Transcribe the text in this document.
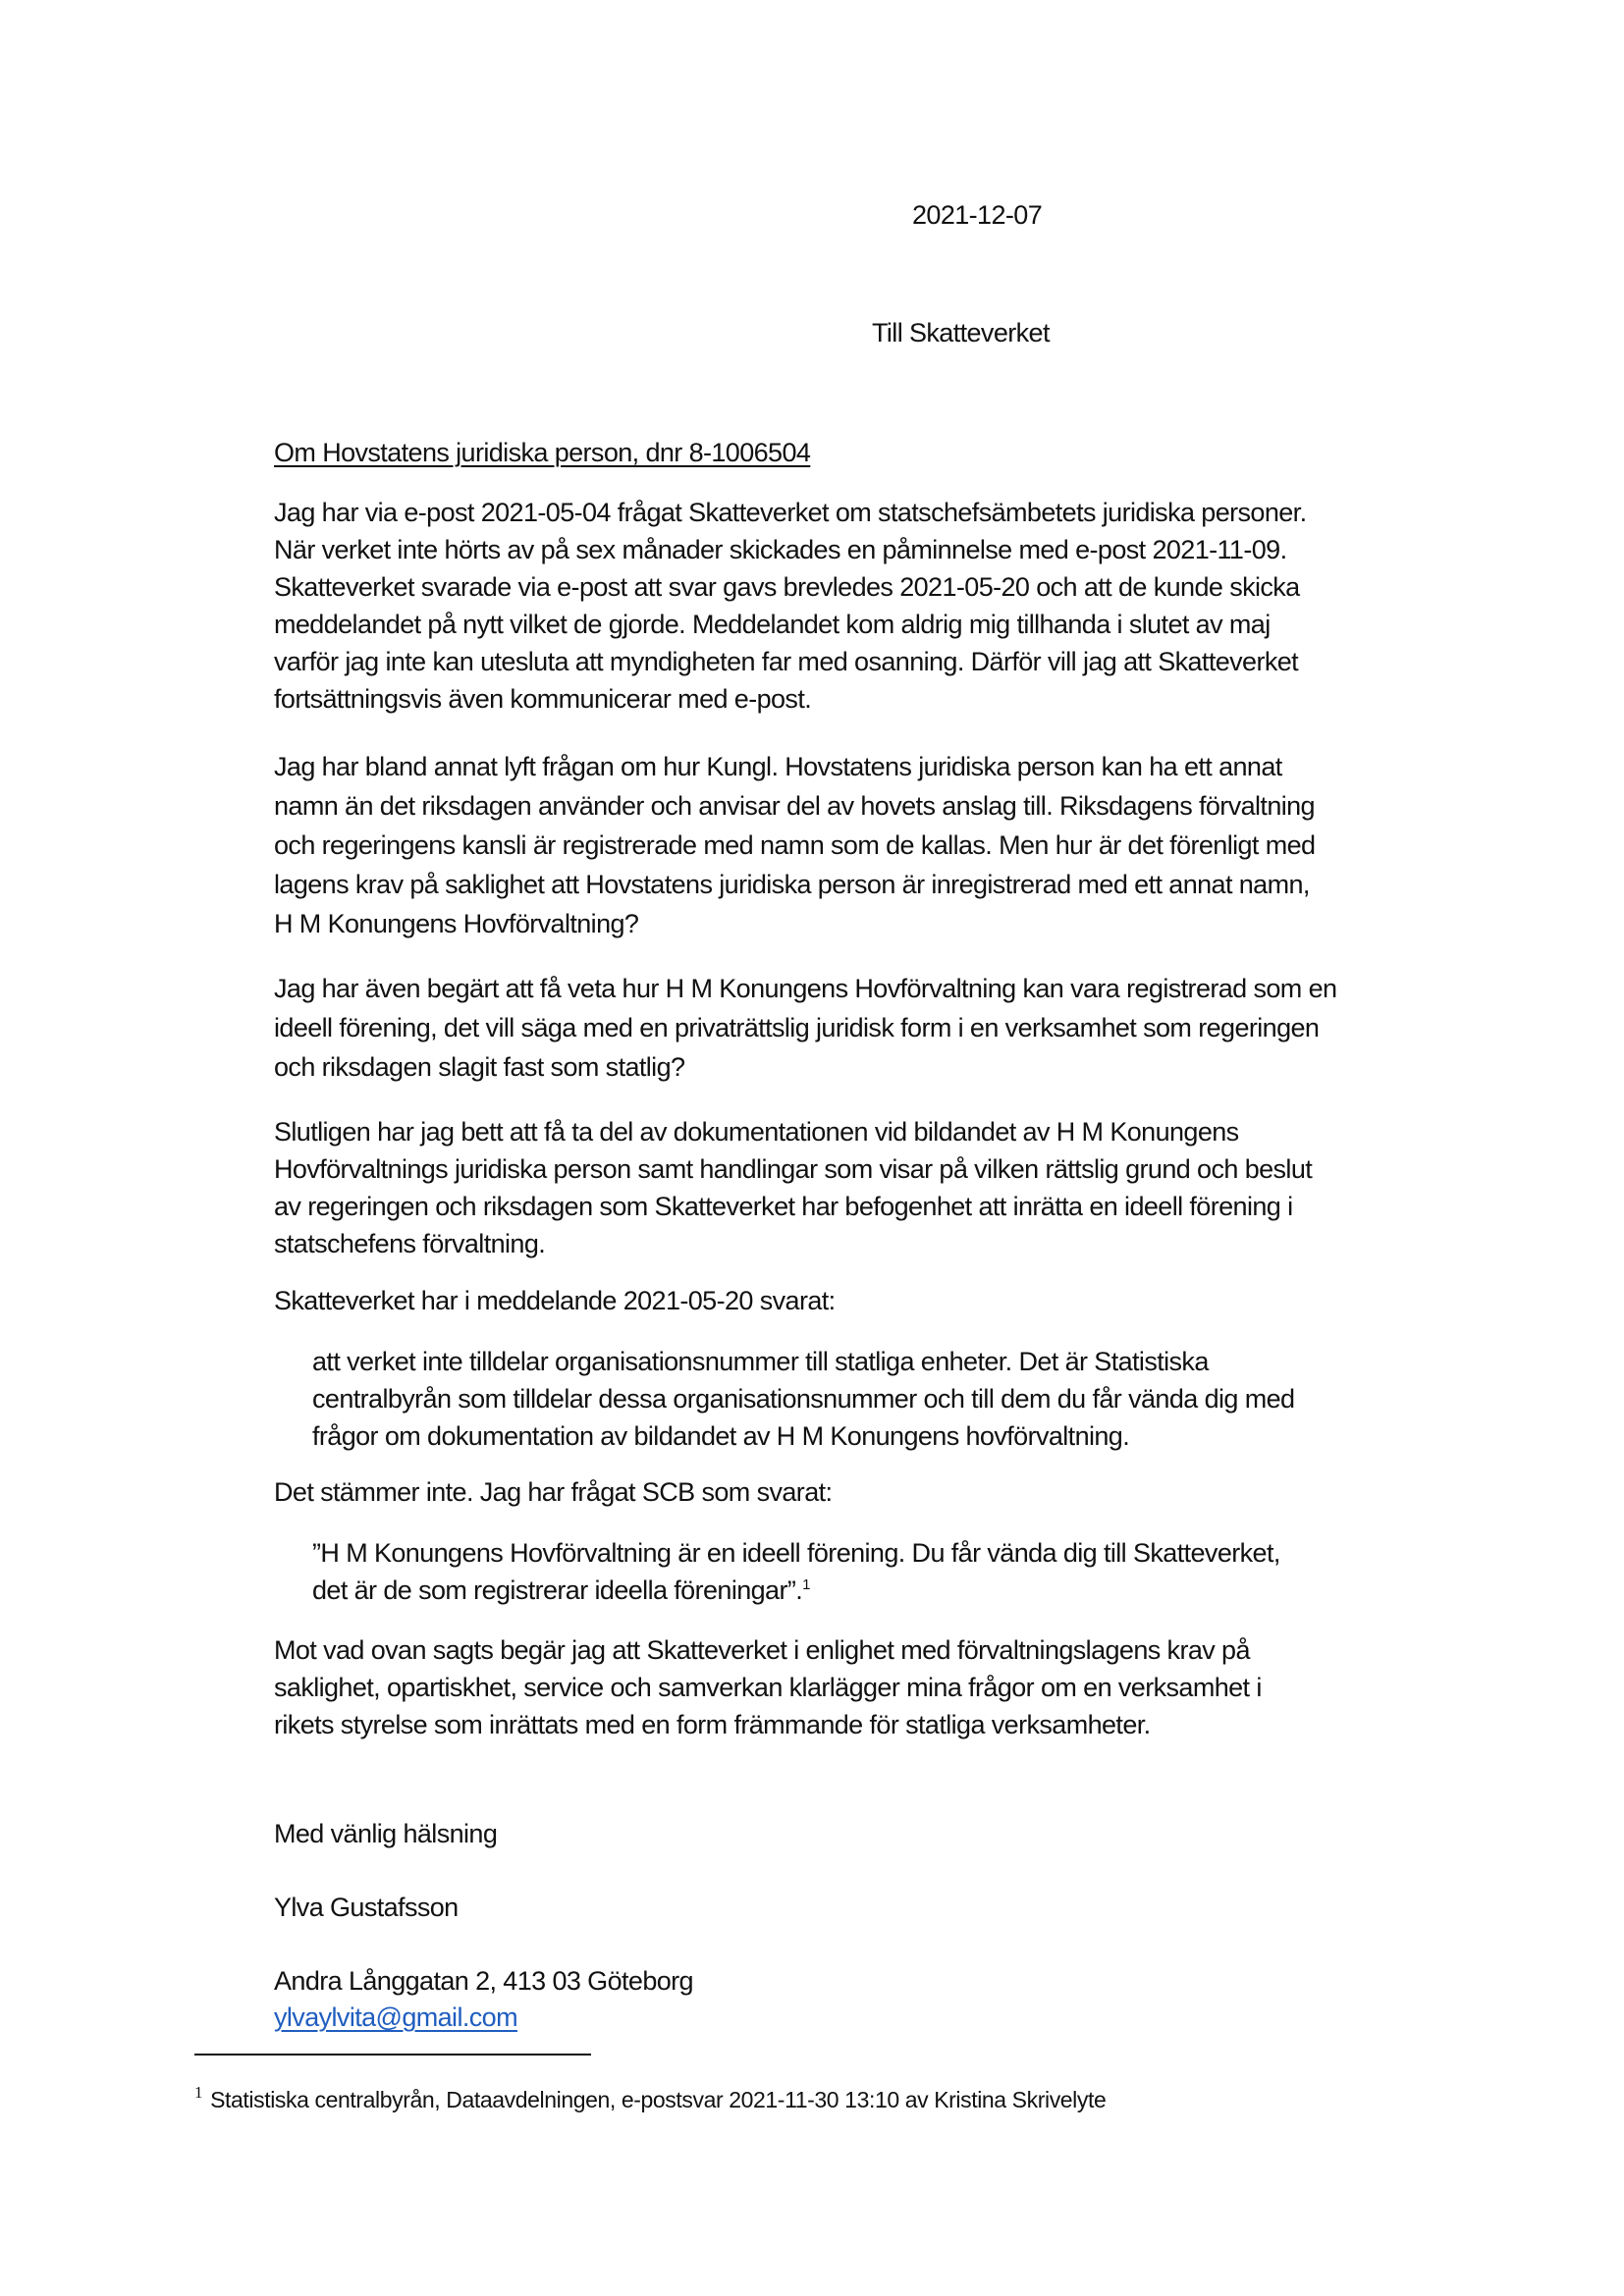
2021-12-07
Till Skatteverket
Om Hovstatens juridiska person, dnr 8-1006504
Jag har via e-post 2021-05-04 frågat Skatteverket om statschefsämbetets juridiska personer.
När verket inte hörts av på sex månader skickades en påminnelse med e-post 2021-11-09.
Skatteverket svarade via e-post att svar gavs brevledes 2021-05-20 och att de kunde skicka
meddelandet på nytt vilket de gjorde. Meddelandet kom aldrig mig tillhanda i slutet av maj
varför jag inte kan utesluta att myndigheten far med osanning. Därför vill jag att Skatteverket
fortsättningsvis även kommunicerar med e-post.
Jag har bland annat lyft frågan om hur Kungl. Hovstatens juridiska person kan ha ett annat
namn än det riksdagen använder och anvisar del av hovets anslag till. Riksdagens förvaltning
och regeringens kansli är registrerade med namn som de kallas. Men hur är det förenligt med
lagens krav på saklighet att Hovstatens juridiska person är inregistrerad med ett annat namn,
H M Konungens Hovförvaltning?
Jag har även begärt att få veta hur H M Konungens Hovförvaltning kan vara registrerad som en
ideell förening, det vill säga med en privaträttslig juridisk form i en verksamhet som regeringen
och riksdagen slagit fast som statlig?
Slutligen har jag bett att få ta del av dokumentationen vid bildandet av H M Konungens
Hovförvaltnings juridiska person samt handlingar som visar på vilken rättslig grund och beslut
av regeringen och riksdagen som Skatteverket har befogenhet att inrätta en ideell förening i
statschefens förvaltning.
Skatteverket har i meddelande 2021-05-20 svarat:
att verket inte tilldelar organisationsnummer till statliga enheter. Det är Statistiska
centralbyrån som tilldelar dessa organisationsnummer och till dem du får vända dig med
frågor om dokumentation av bildandet av H M Konungens hovförvaltning.
Det stämmer inte. Jag har frågat SCB som svarat:
”H M Konungens Hovförvaltning är en ideell förening. Du får vända dig till Skatteverket,
det är de som registrerar ideella föreningar”.$^1$
Mot vad ovan sagts begär jag att Skatteverket i enlighet med förvaltningslagens krav på
saklighet, opartiskhet, service och samverkan klarlägger mina frågor om en verksamhet i
rikets styrelse som inrättats med en form främmande för statliga verksamheter.
Med vänlig hälsning
Ylva Gustafsson
Andra Långgatan 2, 413 03 Göteborg
ylvaylvita@gmail.com
$^1$ Statistiska centralbyrån, Dataavdelningen, e-postsvar 2021-11-30 13:10 av Kristina Skrivelyte
